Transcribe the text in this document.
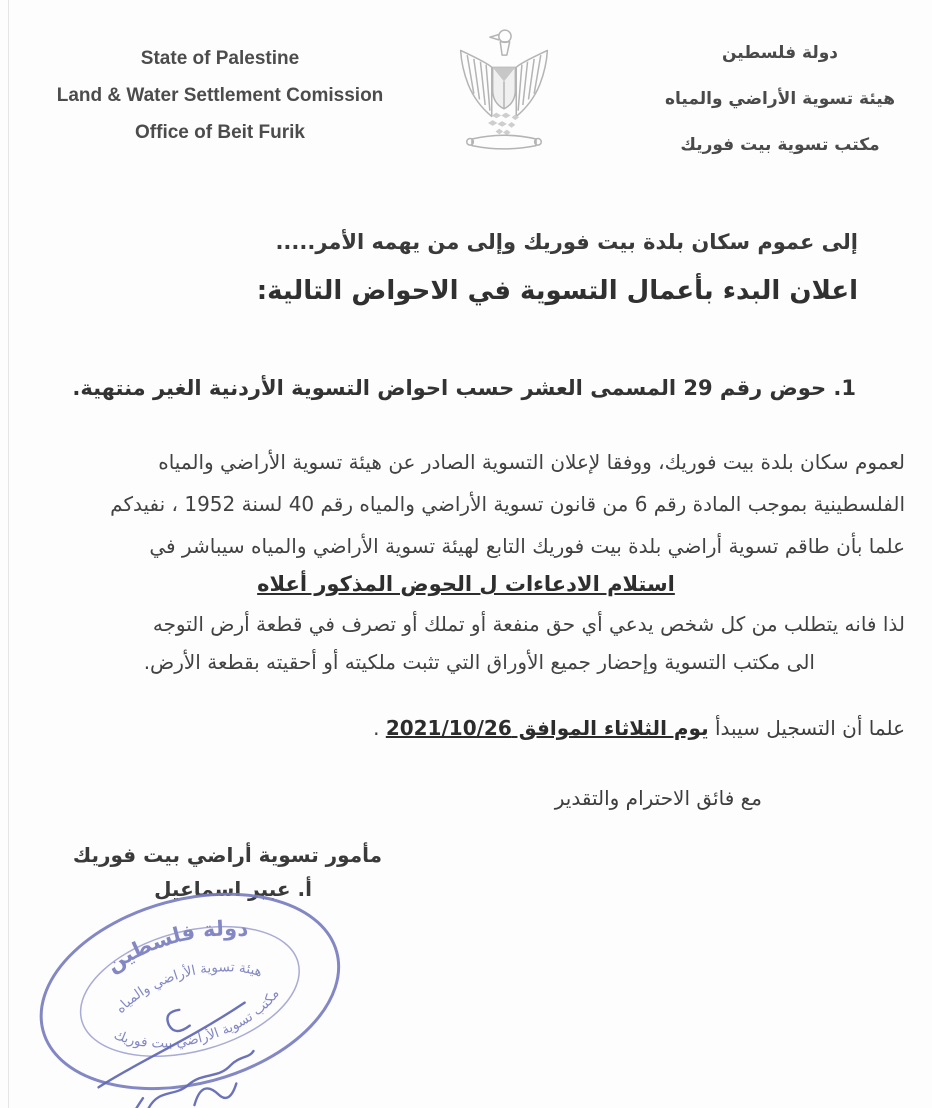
State of Palestine
Land & Water Settlement Comission
Office of Beit Furik
دولة فلسطين
هيئة تسوية الأراضي والمياه
مكتب تسوية بيت فوريك
إلى عموم سكان بلدة بيت فوريك وإلى من يهمه الأمر.....
اعلان البدء بأعمال التسوية في الاحواض التالية:
1. حوض رقم 29 المسمى العشر حسب احواض التسوية الأردنية الغير منتهية.
لعموم سكان بلدة بيت فوريك، ووفقا لإعلان التسوية الصادر عن هيئة تسوية الأراضي والمياه
الفلسطينية بموجب المادة رقم 6 من قانون تسوية الأراضي والمياه رقم 40 لسنة 1952 ، نفيدكم
علما بأن طاقم تسوية أراضي بلدة بيت فوريك التابع لهيئة تسوية الأراضي والمياه سيباشر في
استلام الادعاءات ل الحوض المذكور أعلاه
لذا فانه يتطلب من كل شخص يدعي أي حق منفعة أو تملك أو تصرف في قطعة أرض التوجه
الى مكتب التسوية وإحضار جميع الأوراق التي تثبت ملكيته أو أحقيته بقطعة الأرض.
علما أن التسجيل سيبدأ يوم الثلاثاء الموافق 2021/10/26 .
مع فائق الاحترام والتقدير
مأمور تسوية أراضي بيت فوريك
أ. عبير اسماعيل
دولة فلسطين
هيئة تسوية الأراضي والمياه
مكتب تسوية الأراضي بيت فوريك
